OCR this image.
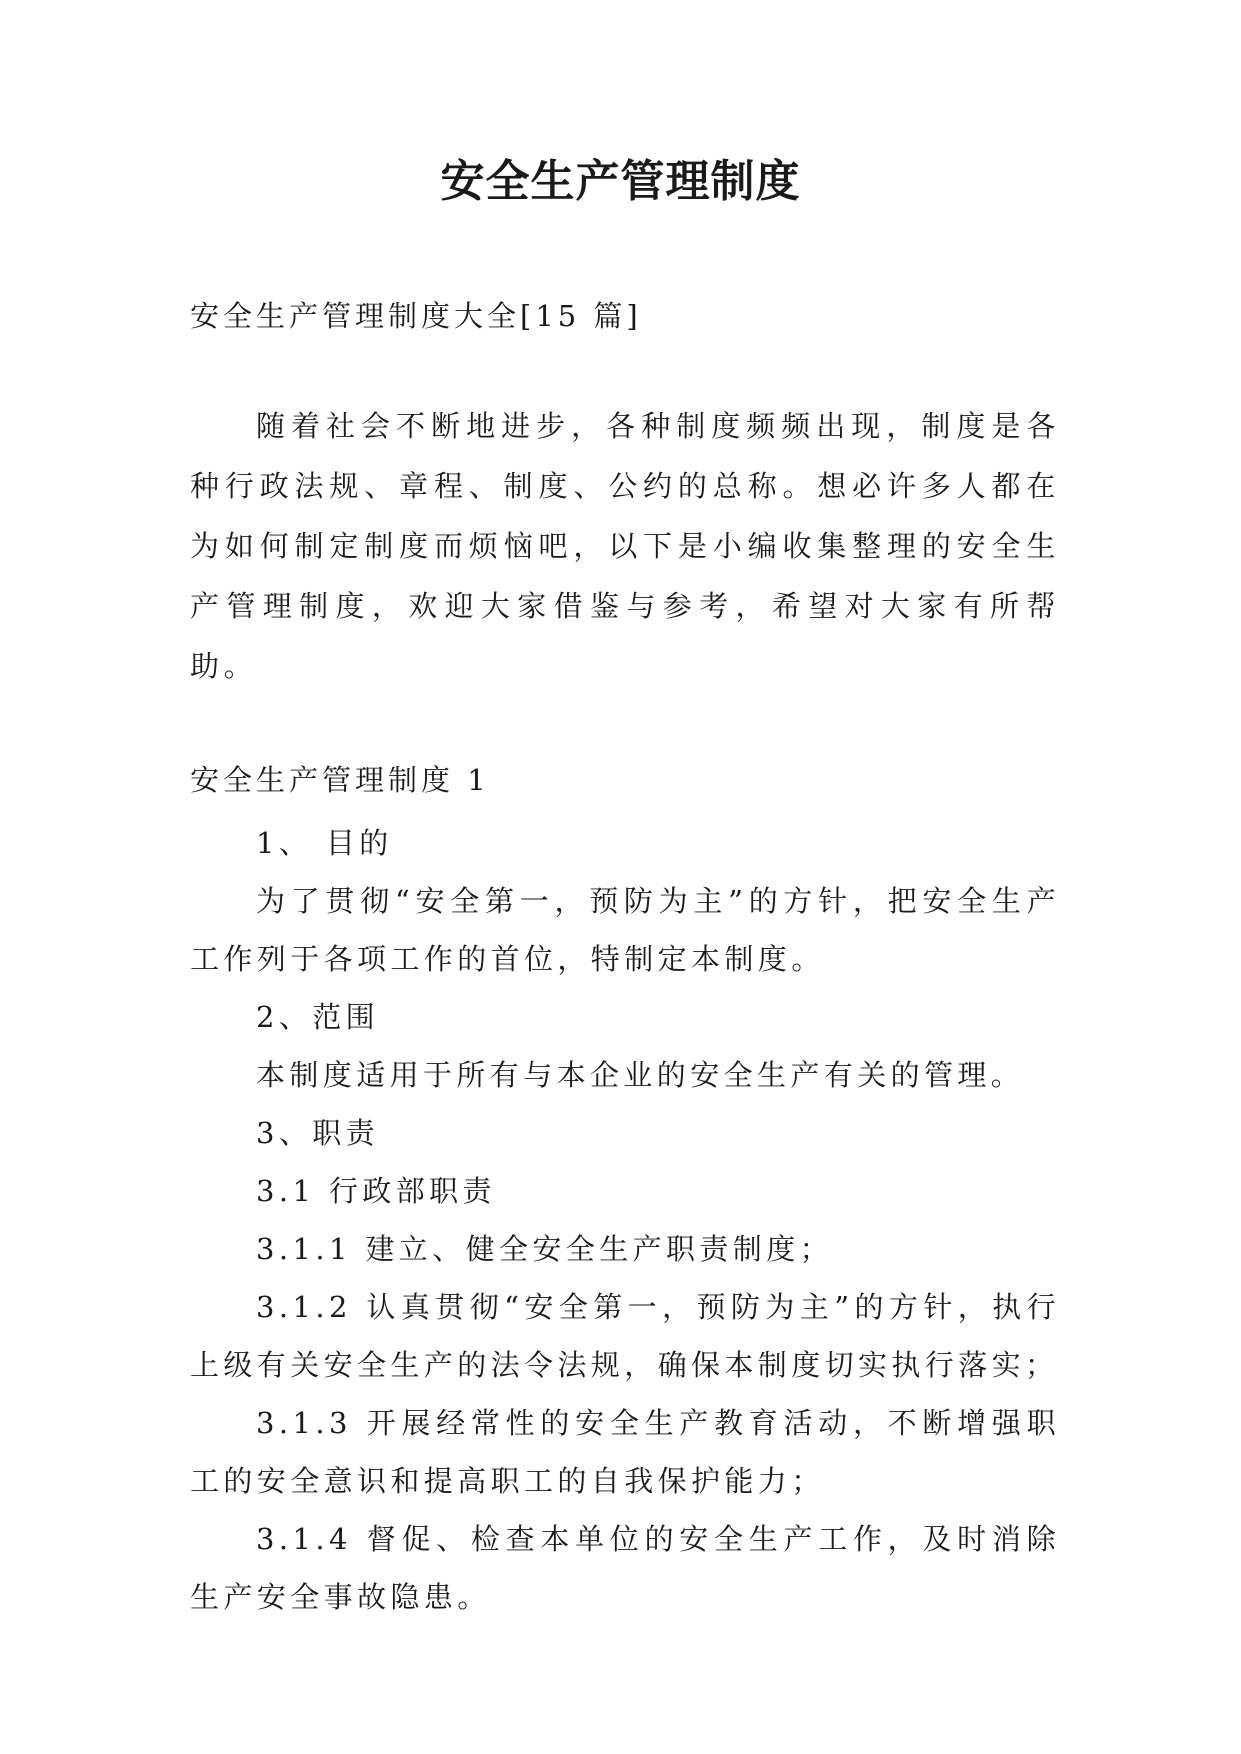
安全生产管理制度

安全生产管理制度大全[15 篇]

随着社会不断地进步，各种制度频频出现，制度是各种行政法规、章程、制度、公约的总称。想必许多人都在为如何制定制度而烦恼吧，以下是小编收集整理的安全生产管理制度，欢迎大家借鉴与参考，希望对大家有所帮助。

安全生产管理制度 1

1、 目的

为了贯彻“安全第一，预防为主”的方针，把安全生产工作列于各项工作的首位，特制定本制度。

2、范围

本制度适用于所有与本企业的安全生产有关的管理。

3、职责

3.1 行政部职责

3.1.1 建立、健全安全生产职责制度；

3.1.2 认真贯彻“安全第一，预防为主”的方针，执行上级有关安全生产的法令法规，确保本制度切实执行落实；

3.1.3 开展经常性的安全生产教育活动，不断增强职工的安全意识和提高职工的自我保护能力；

3.1.4 督促、检查本单位的安全生产工作，及时消除生产安全事故隐患。
